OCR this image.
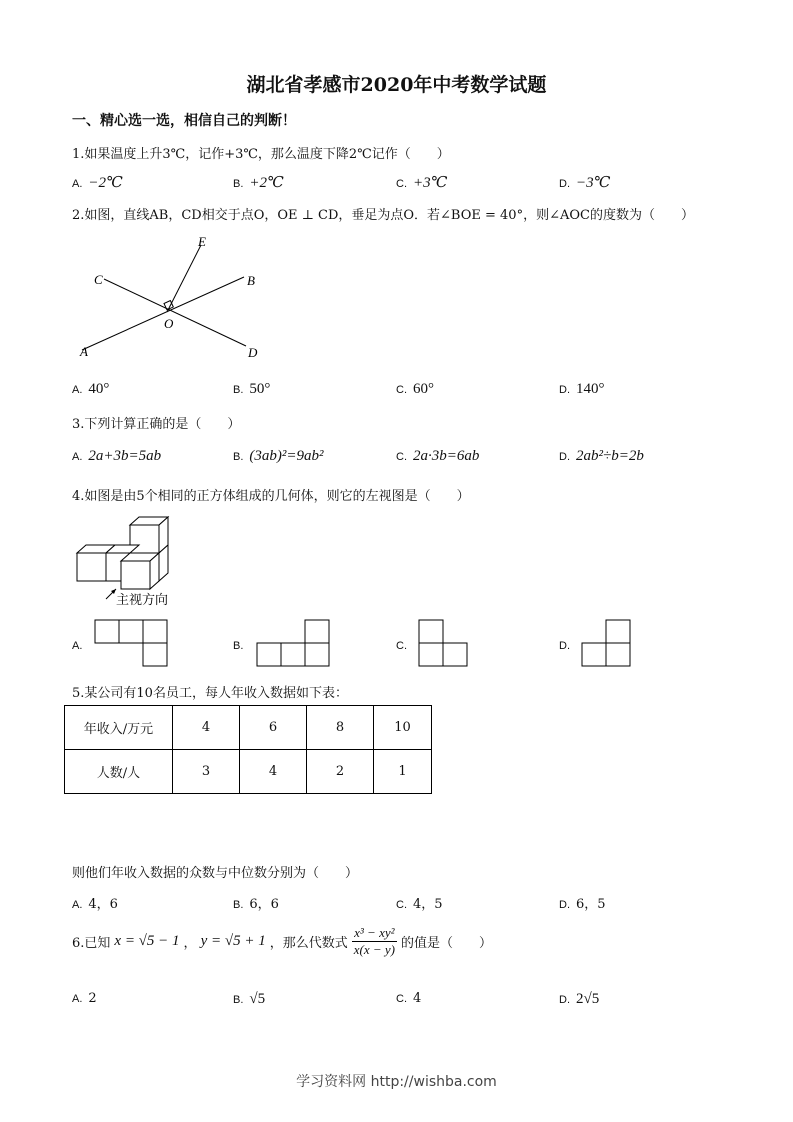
湖北省孝感市2020年中考数学试题
一、精心选一选，相信自己的判断！
1.如果温度上升3℃，记作+3℃，那么温度下降2℃记作（　　）
A. −2℃	B. +2℃	C. +3℃	D. −3℃
2.如图，直线AB，CD相交于点O，OE ⊥ CD，垂足为点O．若∠BOE = 40°，则∠AOC的度数为（　　）
E
C	B
O
A	D
A. 40°	B. 50°	C. 60°	D. 140°
3.下列计算正确的是（　　）
A. 2a+3b=5ab	B. (3ab)²=9ab²	C. 2a·3b=6ab	D. 2ab²÷b=2b
4.如图是由5个相同的正方体组成的几何体，则它的左视图是（　　）
主视方向
A.	B.	C.	D.
5.某公司有10名员工，每人年收入数据如下表：
年收入/万元	4	6	8	10
人数/人	3	4	2	1
则他们年收入数据的众数与中位数分别为（　　）
A. 4，6	B. 6，6	C. 4，5	D. 6，5
6.已知 x = √5 − 1 ， y = √5 + 1 ，那么代数式 $\frac{\text{x³ − xy²}}{x(x - y)}$ 的值是（　　）
A. 2	B. √5	C. 4	D. 2√5
学习资料网 http://wishba.com
